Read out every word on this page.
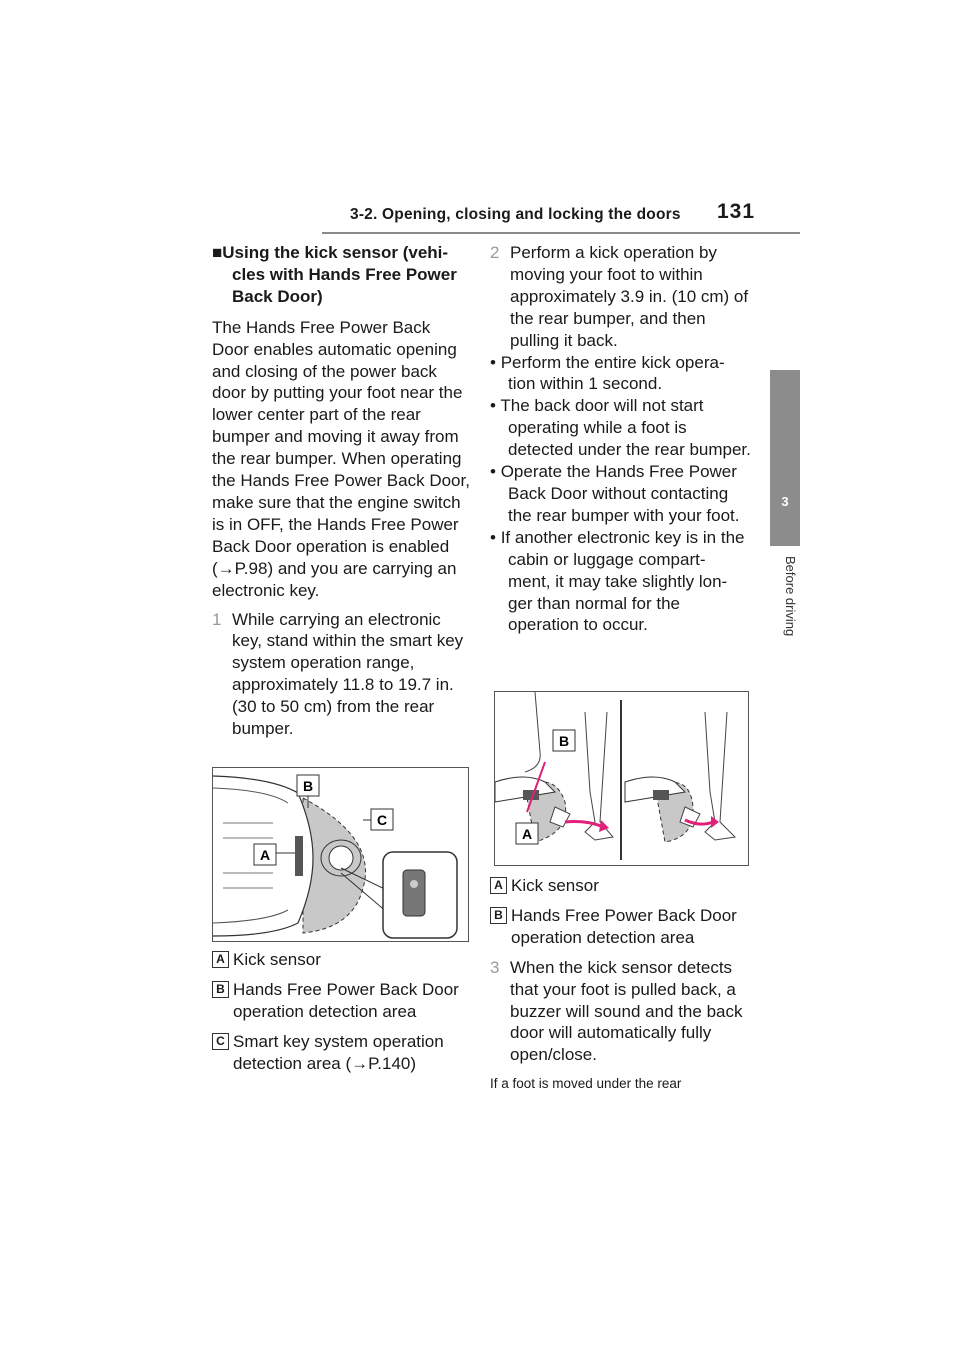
3-2. Opening, closing and locking the doors 131
3
Before driving
■Using the kick sensor (vehi- cles with Hands Free Power Back Door)
The Hands Free Power Back Door enables automatic opening and closing of the power back door by putting your foot near the lower center part of the rear bumper and moving it away from the rear bumper. When operating the Hands Free Power Back Door, make sure that the engine switch is in OFF, the Hands Free Power Back Door operation is enabled (→P.98) and you are carrying an electronic key.
1 While carrying an electronic key, stand within the smart key system operation range, approximately 11.8 to 19.7 in. (30 to 50 cm) from the rear bumper.
B
C
A
A Kick sensor
B Hands Free Power Back Door operation detection area
C Smart key system operation detection area (→P.140)
2 Perform a kick operation by moving your foot to within approximately 3.9 in. (10 cm) of the rear bumper, and then pulling it back.
• Perform the entire kick opera- tion within 1 second.
• The back door will not start operating while a foot is detected under the rear bumper.
• Operate the Hands Free Power Back Door without contacting the rear bumper with your foot.
• If another electronic key is in the cabin or luggage compart- ment, it may take slightly lon- ger than normal for the operation to occur.
B
A
A Kick sensor
B Hands Free Power Back Door operation detection area
3 When the kick sensor detects that your foot is pulled back, a buzzer will sound and the back door will automatically fully open/close.
If a foot is moved under the rear
